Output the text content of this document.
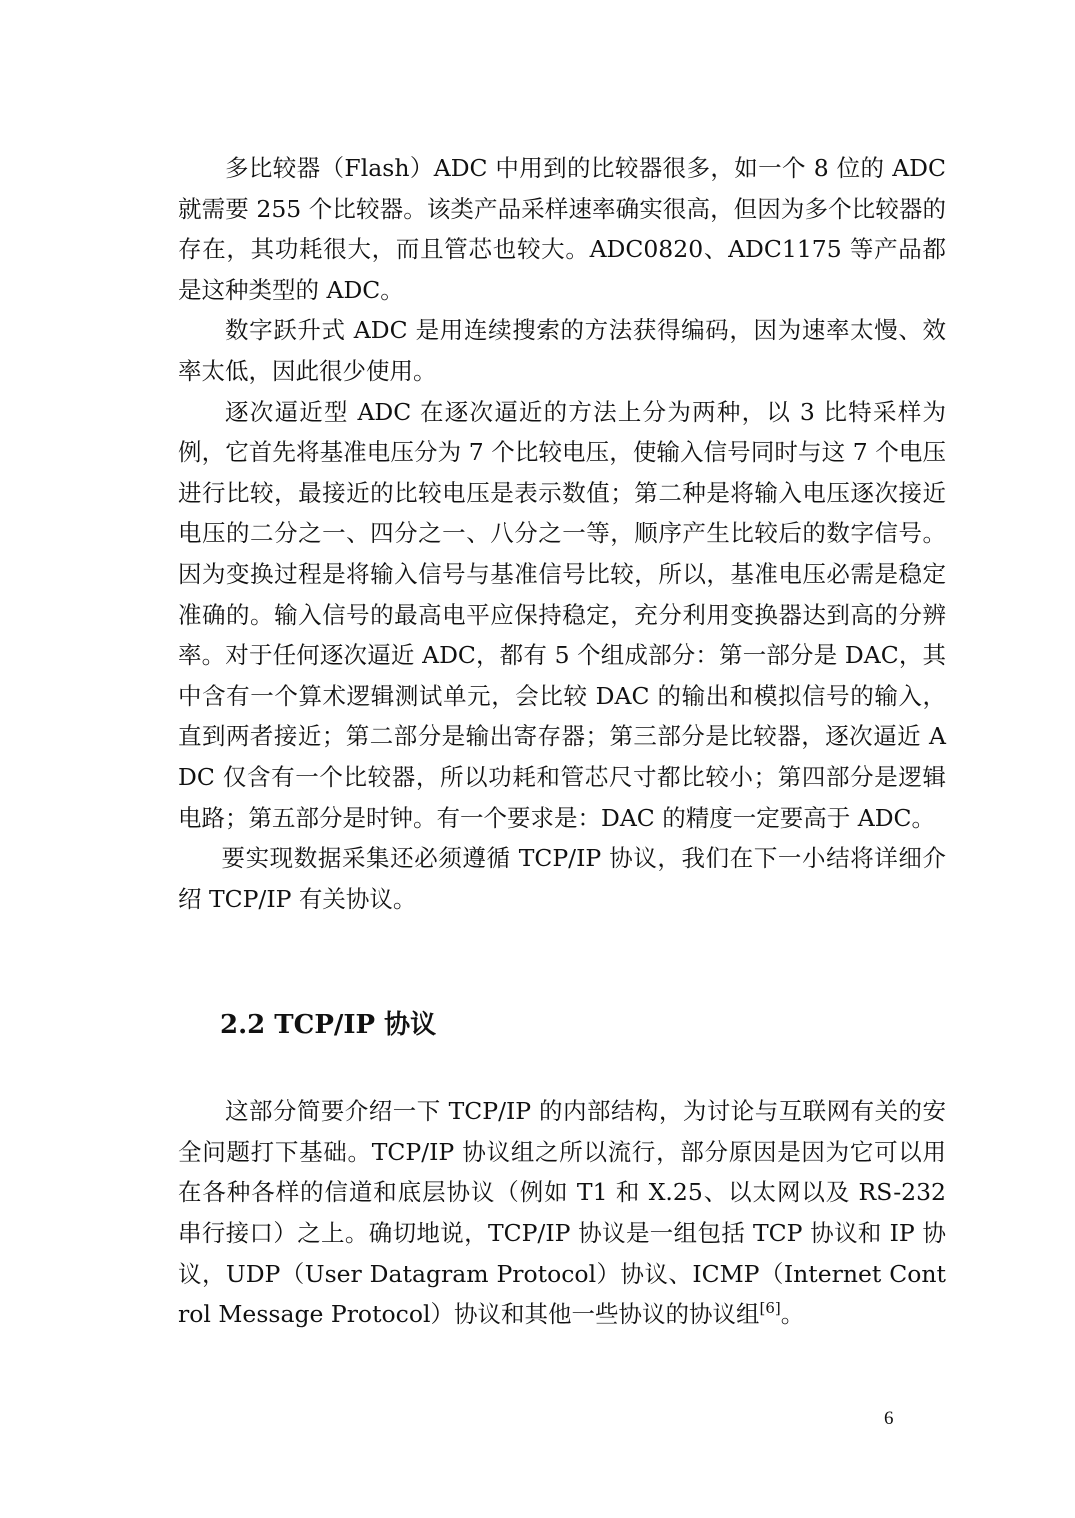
多比较器（Flash）ADC 中用到的比较器很多，如一个 8 位的 ADC 就需要 255 个比较器。该类产品采样速率确实很高，但因为多个比较器的存在，其功耗很大，而且管芯也较大。ADC0820、ADC1175 等产品都是这种类型的 ADC。

数字跃升式 ADC 是用连续搜索的方法获得编码，因为速率太慢、效率太低，因此很少使用。

逐次逼近型 ADC 在逐次逼近的方法上分为两种，以 3 比特采样为例，它首先将基准电压分为 7 个比较电压，使输入信号同时与这 7 个电压进行比较，最接近的比较电压是表示数值；第二种是将输入电压逐次接近电压的二分之一、四分之一、八分之一等，顺序产生比较后的数字信号。因为变换过程是将输入信号与基准信号比较，所以，基准电压必需是稳定准确的。输入信号的最高电平应保持稳定，充分利用变换器达到高的分辨率。对于任何逐次逼近 ADC，都有 5 个组成部分：第一部分是 DAC，其中含有一个算术逻辑测试单元，会比较 DAC 的输出和模拟信号的输入，直到两者接近；第二部分是输出寄存器；第三部分是比较器，逐次逼近 ADC 仅含有一个比较器，所以功耗和管芯尺寸都比较小；第四部分是逻辑电路；第五部分是时钟。有一个要求是：DAC 的精度一定要高于 ADC。

要实现数据采集还必须遵循 TCP/IP 协议，我们在下一小结将详细介绍 TCP/IP 有关协议。

2.2 TCP/IP 协议

这部分简要介绍一下 TCP/IP 的内部结构，为讨论与互联网有关的安全问题打下基础。TCP/IP 协议组之所以流行，部分原因是因为它可以用在各种各样的信道和底层协议（例如 T1 和 X.25、以太网以及 RS-232 串行接口）之上。确切地说，TCP/IP 协议是一组包括 TCP 协议和 IP 协议，UDP（User Datagram Protocol）协议、ICMP（Internet Control Message Protocol）协议和其他一些协议的协议组[6]。

6
